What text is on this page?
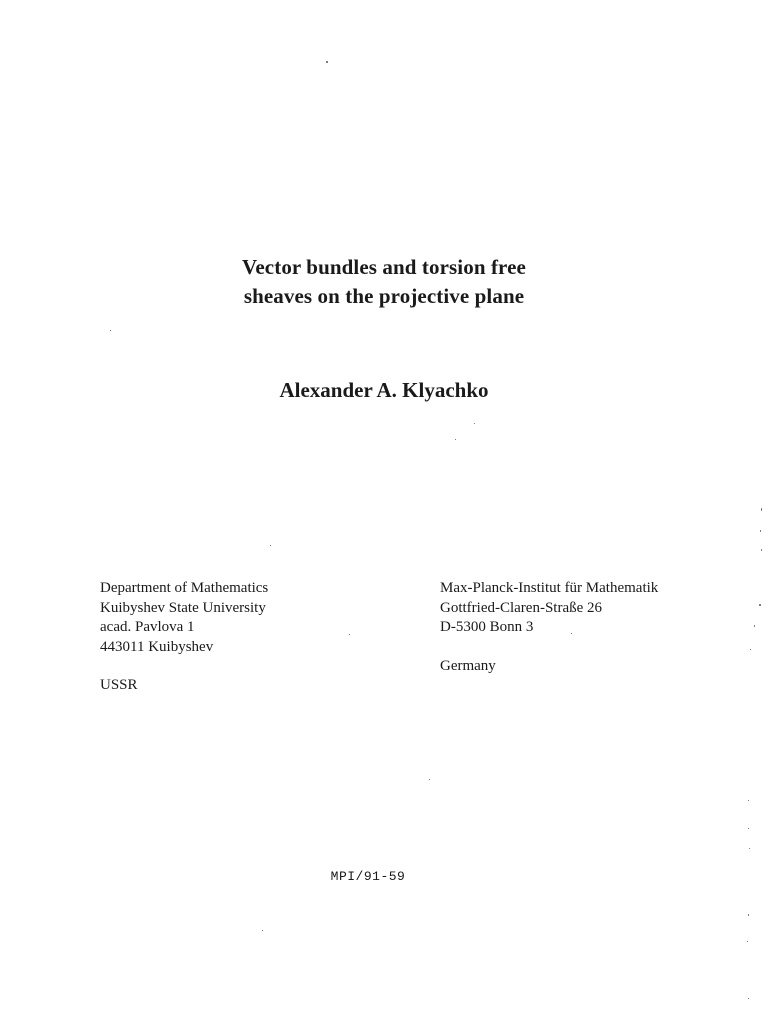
Vector bundles and torsion free
sheaves on the projective plane
Alexander A. Klyachko
Department of Mathematics
Kuibyshev State University
acad. Pavlova 1
443011 Kuibyshev
USSR
Max-Planck-Institut für Mathematik
Gottfried-Claren-Straße 26
D-5300 Bonn 3
Germany
MPI/91-59
